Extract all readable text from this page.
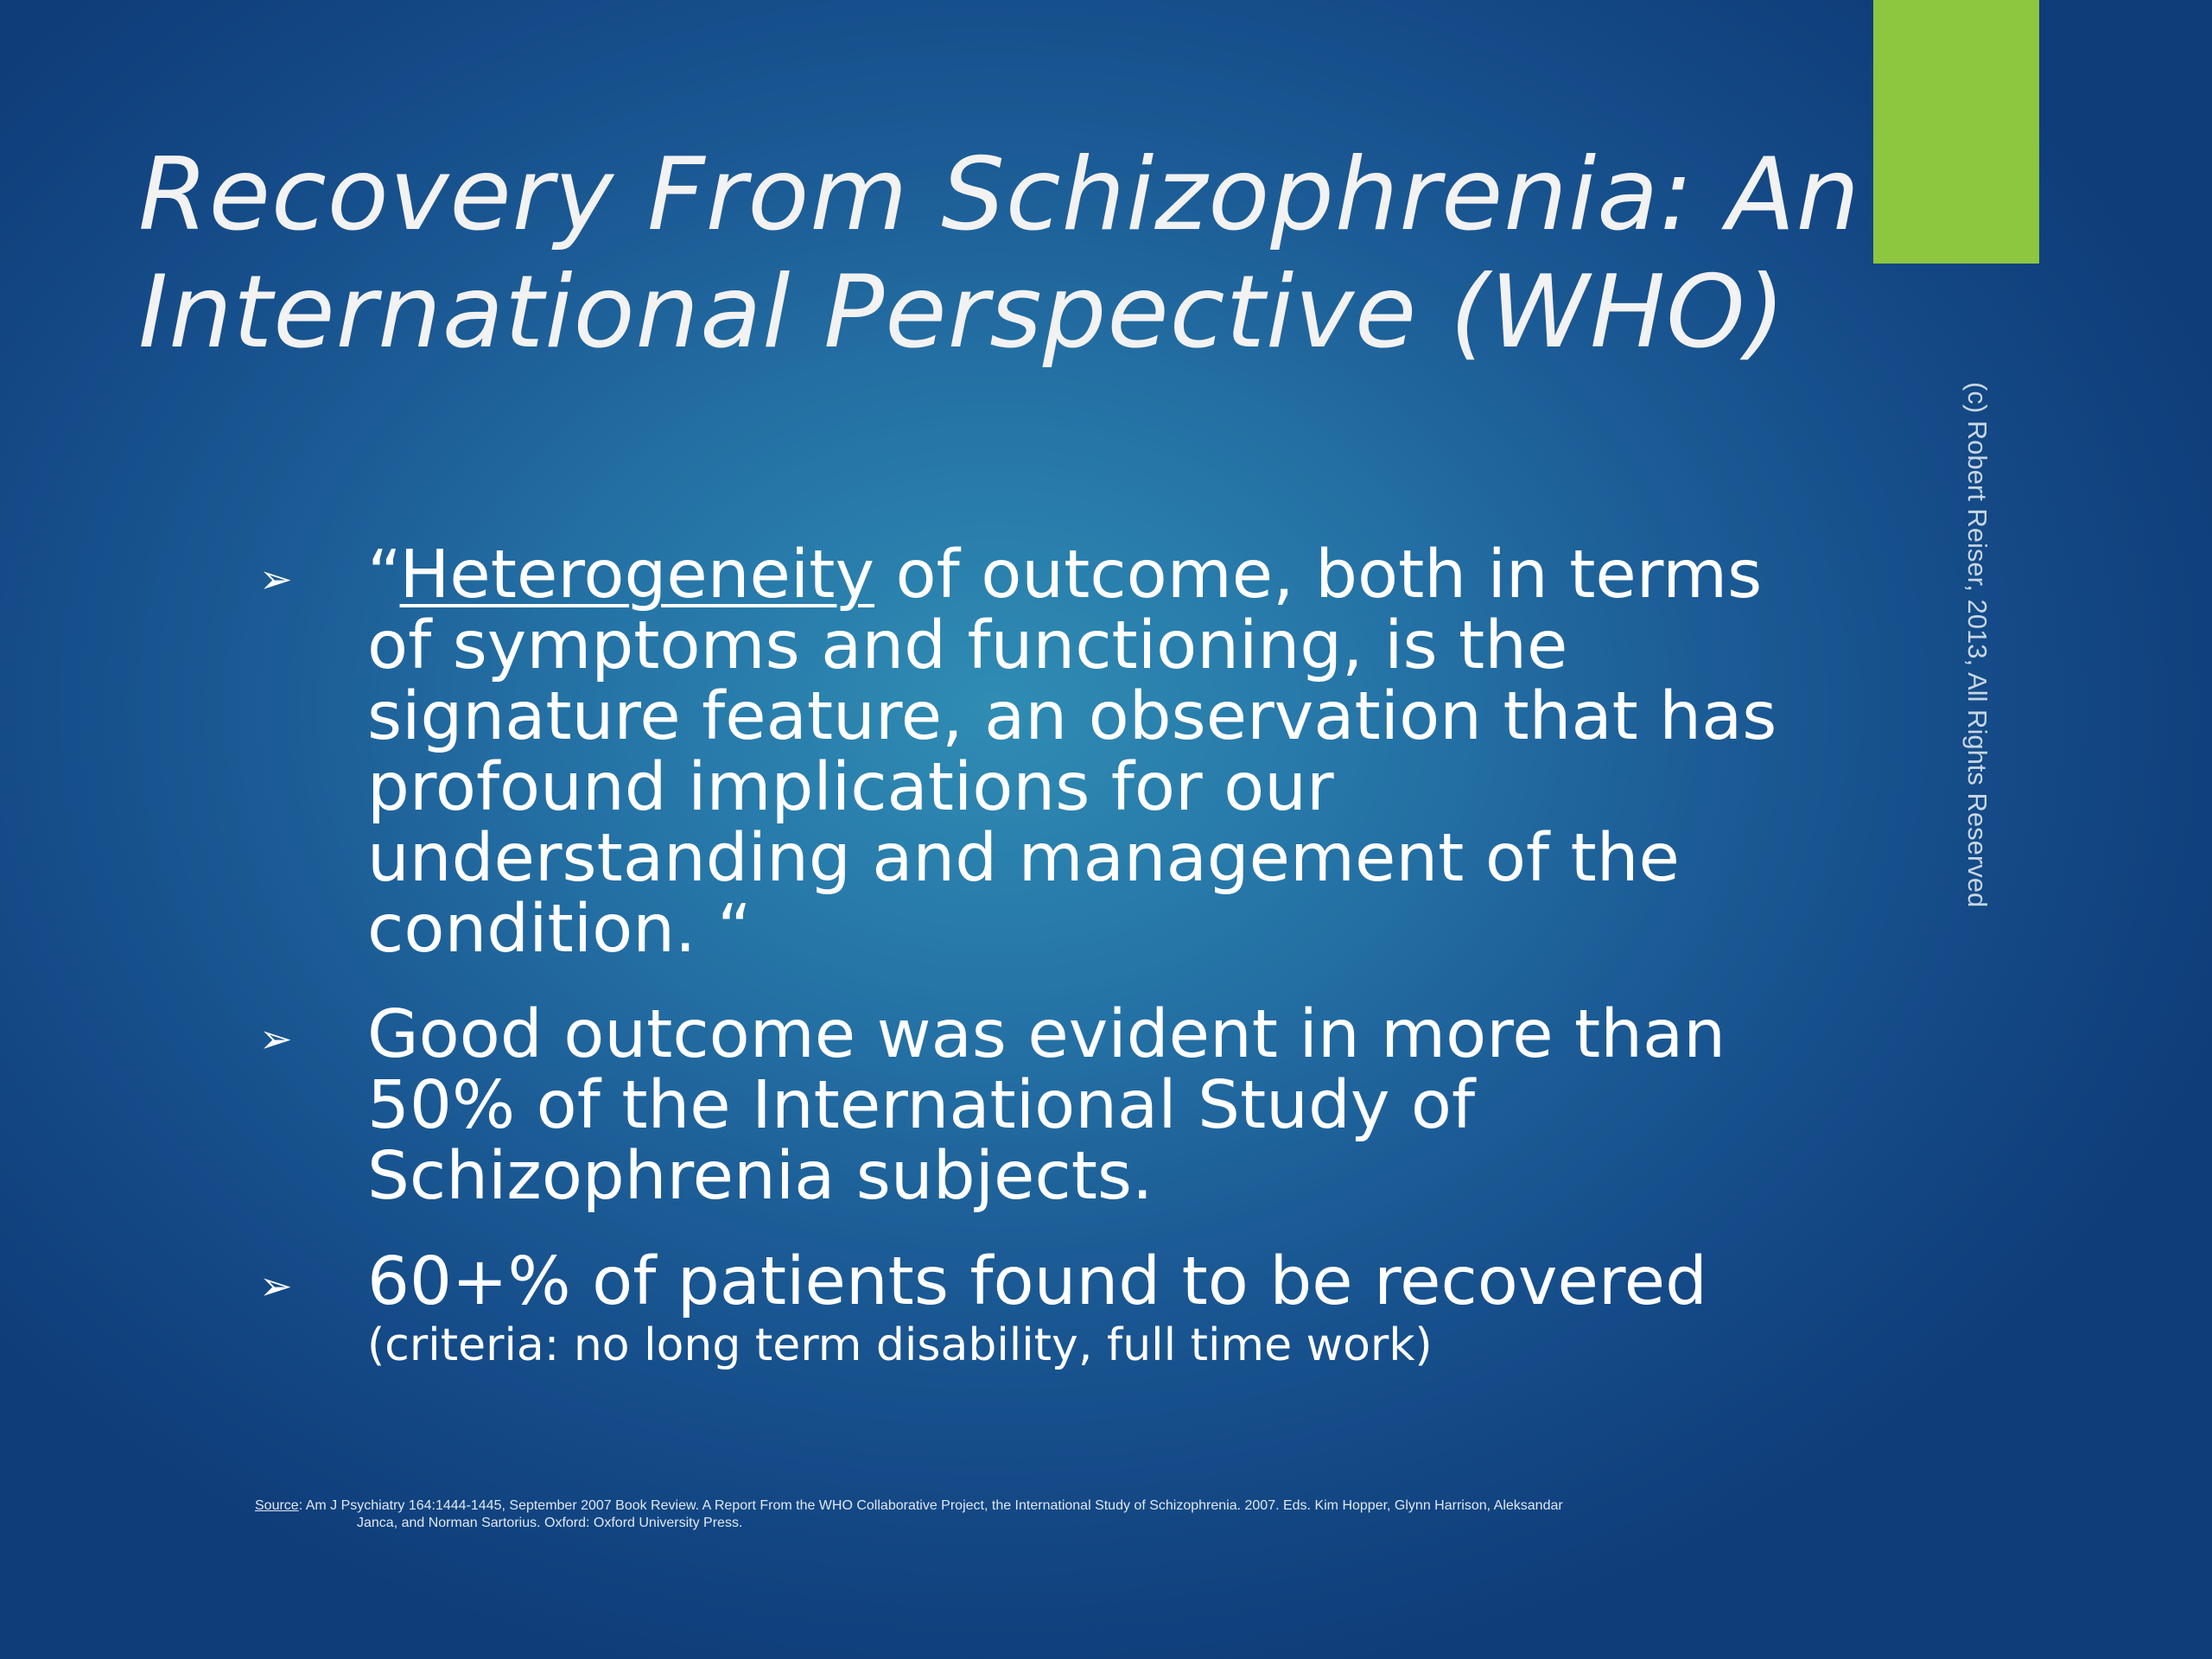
Recovery From Schizophrenia: An International Perspective (WHO)
(c) Robert Reiser, 2013, All Rights Reserved
➢ “Heterogeneity of outcome, both in terms of symptoms and functioning, is the signature feature, an observation that has profound implications for our understanding and management of the condition. “
➢ Good outcome was evident in more than 50% of the International Study of Schizophrenia subjects.
➢ 60+% of patients found to be recovered
(criteria: no long term disability, full time work)
Source: Am J Psychiatry 164:1444-1445, September 2007 Book Review. A Report From the WHO Collaborative Project, the International Study of Schizophrenia. 2007. Eds. Kim Hopper, Glynn Harrison, Aleksandar
Janca, and Norman Sartorius. Oxford: Oxford University Press.
